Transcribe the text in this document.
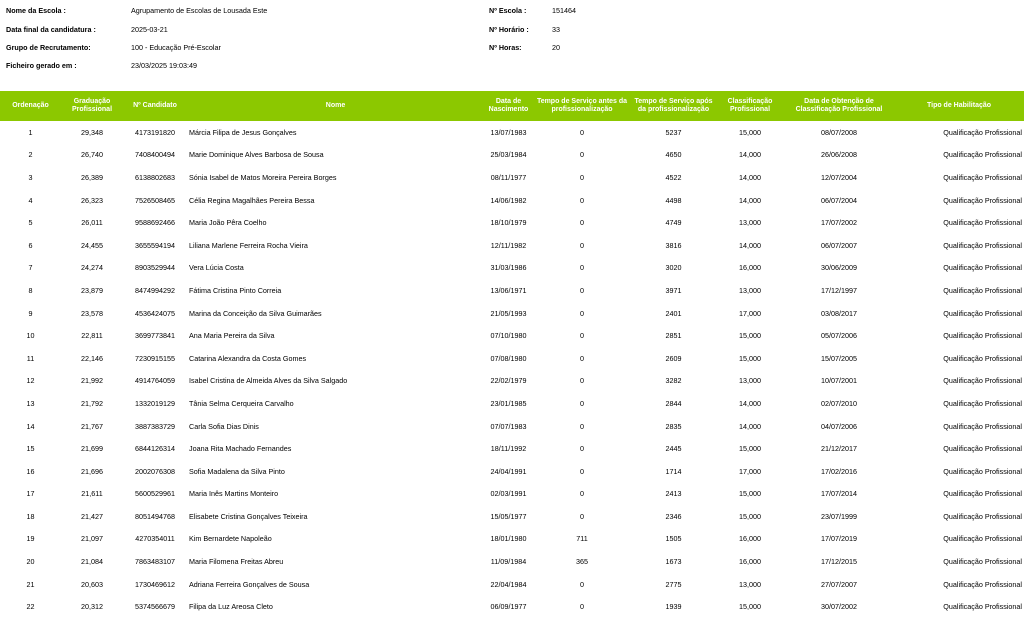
Nome da Escola :	Agrupamento de Escolas de Lousada Este
Data final da candidatura :	2025-03-21
Grupo de Recrutamento:	100 - Educação Pré-Escolar
Ficheiro gerado em :	23/03/2025 19:03:49
Nº Escola :	151464
Nº Horário :	33
Nº Horas:	20
Ordenação	Graduação Profissional	Nº Candidato	Nome	Data de Nascimento	Tempo de Serviço antes da profissionalização	Tempo de Serviço após da profissionalização	Classificação Profissional	Data de Obtenção de Classificação Profissional	Tipo de Habilitação
1	29,348	4173191820	Márcia Filipa de Jesus Gonçalves	13/07/1983	0	5237	15,000	08/07/2008	Qualificação Profissional
2	26,740	7408400494	Marie Dominique Alves Barbosa de Sousa	25/03/1984	0	4650	14,000	26/06/2008	Qualificação Profissional
3	26,389	6138802683	Sónia Isabel de Matos Moreira Pereira Borges	08/11/1977	0	4522	14,000	12/07/2004	Qualificação Profissional
4	26,323	7526508465	Célia Regina Magalhães Pereira Bessa	14/06/1982	0	4498	14,000	06/07/2004	Qualificação Profissional
5	26,011	9588692466	Maria João Pêra Coelho	18/10/1979	0	4749	13,000	17/07/2002	Qualificação Profissional
6	24,455	3655594194	Liliana Marlene Ferreira Rocha Vieira	12/11/1982	0	3816	14,000	06/07/2007	Qualificação Profissional
7	24,274	8903529944	Vera Lúcia Costa	31/03/1986	0	3020	16,000	30/06/2009	Qualificação Profissional
8	23,879	8474994292	Fátima Cristina Pinto Correia	13/06/1971	0	3971	13,000	17/12/1997	Qualificação Profissional
9	23,578	4536424075	Marina da Conceição da Silva Guimarães	21/05/1993	0	2401	17,000	03/08/2017	Qualificação Profissional
10	22,811	3699773841	Ana Maria Pereira da Silva	07/10/1980	0	2851	15,000	05/07/2006	Qualificação Profissional
11	22,146	7230915155	Catarina Alexandra da Costa Gomes	07/08/1980	0	2609	15,000	15/07/2005	Qualificação Profissional
12	21,992	4914764059	Isabel Cristina de Almeida Alves da Silva Salgado	22/02/1979	0	3282	13,000	10/07/2001	Qualificação Profissional
13	21,792	1332019129	Tânia Selma Cerqueira Carvalho	23/01/1985	0	2844	14,000	02/07/2010	Qualificação Profissional
14	21,767	3887383729	Carla Sofia Dias Dinis	07/07/1983	0	2835	14,000	04/07/2006	Qualificação Profissional
15	21,699	6844126314	Joana Rita Machado Fernandes	18/11/1992	0	2445	15,000	21/12/2017	Qualificação Profissional
16	21,696	2002076308	Sofia Madalena da Silva Pinto	24/04/1991	0	1714	17,000	17/02/2016	Qualificação Profissional
17	21,611	5600529961	Maria Inês Martins Monteiro	02/03/1991	0	2413	15,000	17/07/2014	Qualificação Profissional
18	21,427	8051494768	Elisabete Cristina Gonçalves Teixeira	15/05/1977	0	2346	15,000	23/07/1999	Qualificação Profissional
19	21,097	4270354011	Kim Bernardete Napoleão	18/01/1980	711	1505	16,000	17/07/2019	Qualificação Profissional
20	21,084	7863483107	Maria Filomena Freitas Abreu	11/09/1984	365	1673	16,000	17/12/2015	Qualificação Profissional
21	20,603	1730469612	Adriana Ferreira Gonçalves de Sousa	22/04/1984	0	2775	13,000	27/07/2007	Qualificação Profissional
22	20,312	5374566679	Filipa da Luz Areosa Cleto	06/09/1977	0	1939	15,000	30/07/2002	Qualificação Profissional
